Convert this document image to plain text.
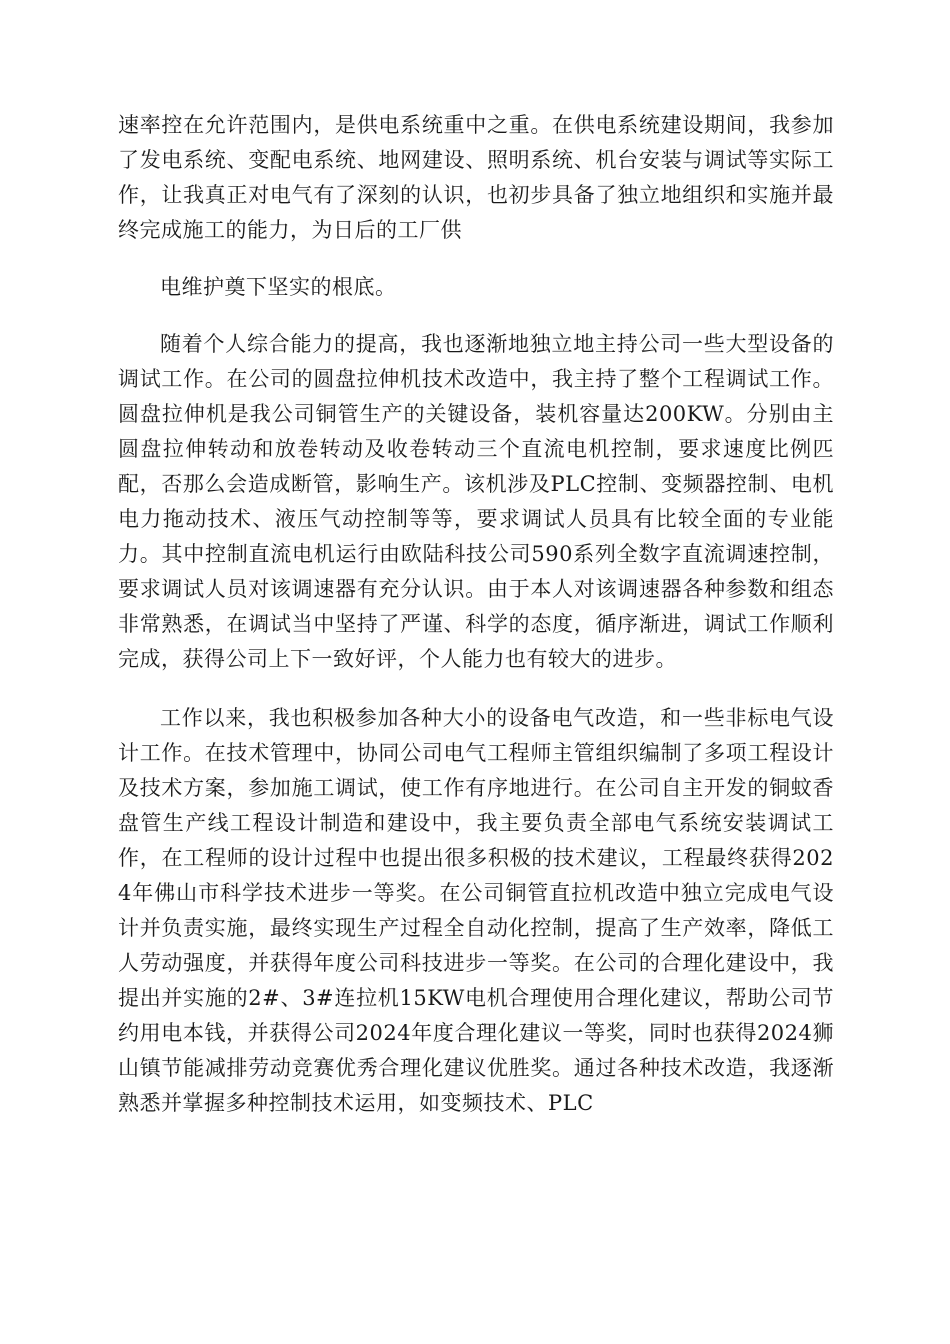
速率控在允许范围内，是供电系统重中之重。在供电系统建设期间，我参加了发电系统、变配电系统、地网建设、照明系统、机台安装与调试等实际工作，让我真正对电气有了深刻的认识，也初步具备了独立地组织和实施并最终完成施工的能力，为日后的工厂供

电维护奠下坚实的根底。

随着个人综合能力的提高，我也逐渐地独立地主持公司一些大型设备的调试工作。在公司的圆盘拉伸机技术改造中，我主持了整个工程调试工作。圆盘拉伸机是我公司铜管生产的关键设备，装机容量达200KW。分别由主圆盘拉伸转动和放卷转动及收卷转动三个直流电机控制，要求速度比例匹配，否那么会造成断管，影响生产。该机涉及PLC控制、变频器控制、电机电力拖动技术、液压气动控制等等，要求调试人员具有比较全面的专业能力。其中控制直流电机运行由欧陆科技公司590系列全数字直流调速控制，要求调试人员对该调速器有充分认识。由于本人对该调速器各种参数和组态非常熟悉，在调试当中坚持了严谨、科学的态度，循序渐进，调试工作顺利完成，获得公司上下一致好评，个人能力也有较大的进步。

工作以来，我也积极参加各种大小的设备电气改造，和一些非标电气设计工作。在技术管理中，协同公司电气工程师主管组织编制了多项工程设计及技术方案，参加施工调试，使工作有序地进行。在公司自主开发的铜蚊香盘管生产线工程设计制造和建设中，我主要负责全部电气系统安装调试工作，在工程师的设计过程中也提出很多积极的技术建议，工程最终获得2024年佛山市科学技术进步一等奖。在公司铜管直拉机改造中独立完成电气设计并负责实施，最终实现生产过程全自动化控制，提高了生产效率，降低工人劳动强度，并获得年度公司科技进步一等奖。在公司的合理化建设中，我提出并实施的2#、3#连拉机15KW电机合理使用合理化建议，帮助公司节约用电本钱，并获得公司2024年度合理化建议一等奖，同时也获得2024狮山镇节能减排劳动竞赛优秀合理化建议优胜奖。通过各种技术改造，我逐渐熟悉并掌握多种控制技术运用，如变频技术、PLC
